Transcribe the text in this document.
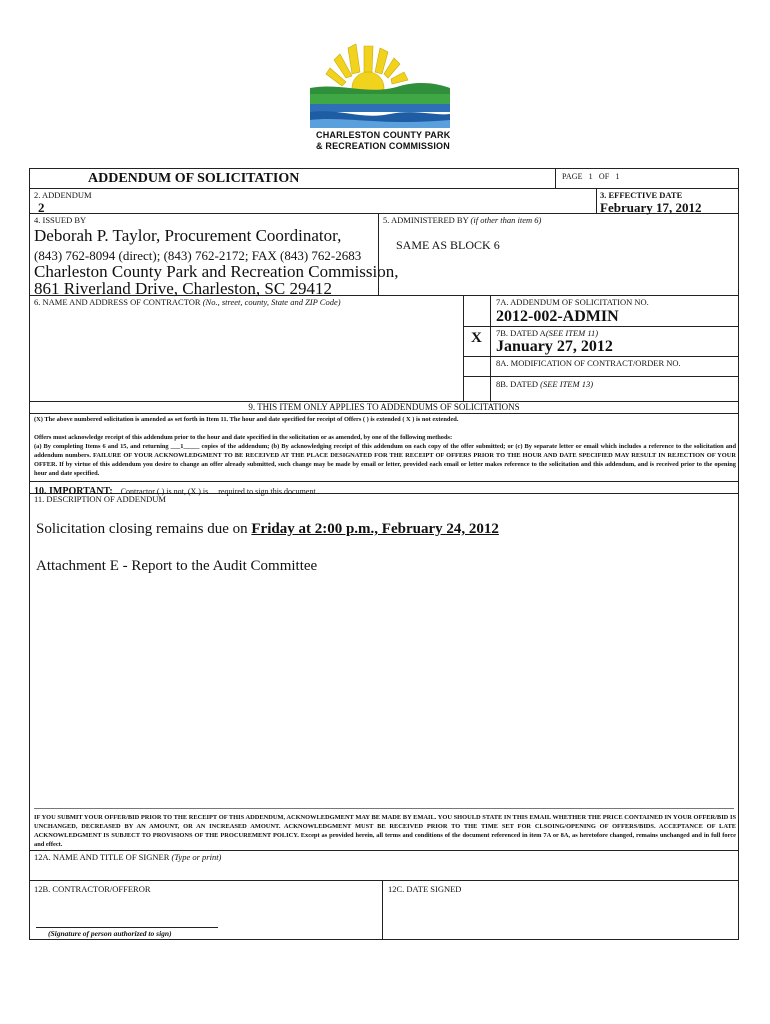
CHARLESTON COUNTY PARK
& RECREATION COMMISSION
ADDENDUM OF SOLICITATION	PAGE 1 OF 1
2. ADDENDUM
2
3. EFFECTIVE DATE
February 17, 2012
4. ISSUED BY
Deborah P. Taylor, Procurement Coordinator,
(843) 762-8094 (direct); (843) 762-2172; FAX (843) 762-2683
Charleston County Park and Recreation Commission,
861 Riverland Drive, Charleston, SC 29412
5. ADMINISTERED BY (if other than item 6)
SAME AS BLOCK 6
6. NAME AND ADDRESS OF CONTRACTOR (No., street, county, State and ZIP Code)
X
7A. ADDENDUM OF SOLICITATION NO.
2012-002-ADMIN
7B. DATED A(SEE ITEM 11)
January 27, 2012
8A. MODIFICATION OF CONTRACT/ORDER NO.
8B. DATED (SEE ITEM 13)
9. THIS ITEM ONLY APPLIES TO ADDENDUMS OF SOLICITATIONS
(X) The above numbered solicitation is amended as set forth in Item 11. The hour and date specified for receipt of Offers ( ) is extended ( X ) is not extended.
Offers must acknowledge receipt of this addendum prior to the hour and date specified in the solicitation or as amended, by one of the following methods:
(a) By completing Items 6 and 15, and returning ___1_____ copies of the addendum; (b) By acknowledging receipt of this addendum on each copy of the offer submitted; or (c) By separate letter or email which includes a reference to the solicitation and addendum numbers. FAILURE OF YOUR ACKNOWLEDGMENT TO BE RECEIVED AT THE PLACE DESIGNATED FOR THE RECEIPT OF OFFERS PRIOR TO THE HOUR AND DATE SPECIFIED MAY RESULT IN REJECTION OF YOUR OFFER. If by virtue of this addendum you desire to change an offer already submitted, such change may be made by email or letter, provided each email or letter makes reference to the solicitation and this addendum, and is received prior to the opening hour and date specified.
10. IMPORTANT: Contractor ( ) is not, (X ) is required to sign this document .
11. DESCRIPTION OF ADDENDUM
Solicitation closing remains due on Friday at 2:00 p.m., February 24, 2012
Attachment E - Report to the Audit Committee
IF YOU SUBMIT YOUR OFFER/BID PRIOR TO THE RECEIPT OF THIS ADDENDUM, ACKNOWLEDGMENT MAY BE MADE BY EMAIL. YOU SHOULD STATE IN THIS EMAIL WHETHER THE PRICE CONTAINED IN YOUR OFFER/BID IS UNCHANGED, DECREASED BY AN AMOUNT, OR AN INCREASED AMOUNT. ACKNOWLEDGMENT MUST BE RECEIVED PRIOR TO THE TIME SET FOR CLSOING/OPENING OF OFFERS/BIDS. ACCEPTANCE OF LATE ACKNOWLEDGMENT IS SUBJECT TO PROVISIONS OF THE PROCUREMENT POLICY. Except as provided herein, all terms and conditions of the document referenced in item 7A or 8A, as heretofore changed, remains unchanged and in full force and effect.
12A. NAME AND TITLE OF SIGNER (Type or print)
12B. CONTRACTOR/OFFEROR
(Signature of person authorized to sign)
12C. DATE SIGNED
